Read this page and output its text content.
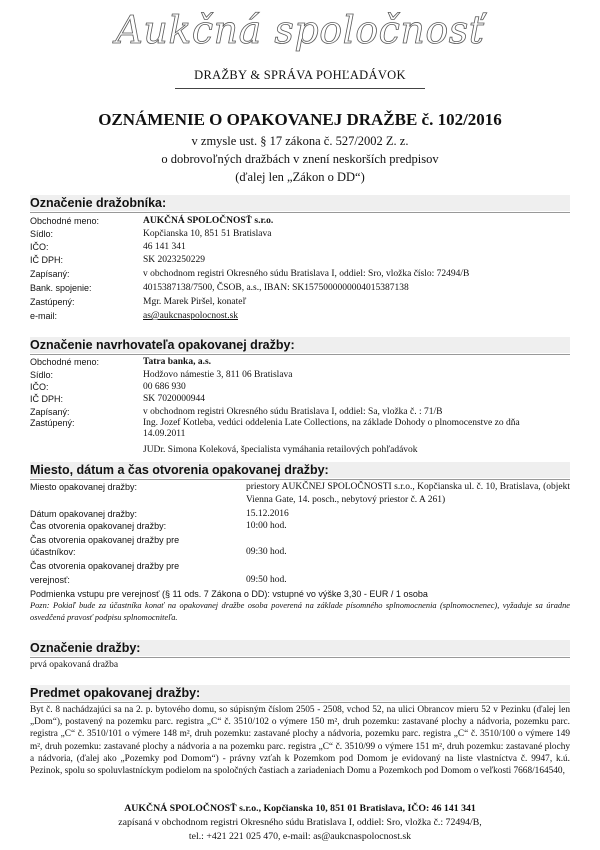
Aukčná spoločnosť
DRAŽBY & SPRÁVA POHĽADÁVOK
OZNÁMENIE O OPAKOVANEJ DRAŽBE č. 102/2016
v zmysle ust. § 17 zákona č. 527/2002 Z. z.
o dobrovoľných dražbách v znení neskorších predpisov
(ďalej len „Zákon o DD“)
Označenie dražobníka:
Obchodné meno:	AUKČNÁ SPOLOČNOSŤ s.r.o.
Sídlo:	Kopčianska 10, 851 51 Bratislava
IČO:	46 141 341
IČ DPH:	SK 2023250229
Zapísaný:	v obchodnom registri Okresného súdu Bratislava I, oddiel: Sro, vložka číslo: 72494/B
Bank. spojenie:	4015387138/7500, ČSOB, a.s., IBAN: SK1575000000004015387138
Zastúpený:	Mgr. Marek Piršel, konateľ
e-mail:	as@aukcnaspolocnost.sk
Označenie navrhovateľa opakovanej dražby:
Obchodné meno:	Tatra banka, a.s.
Sídlo:	Hodžovo námestie 3, 811 06 Bratislava
IČO:	00 686 930
IČ DPH:	SK 7020000944
Zapísaný:	v obchodnom registri Okresného súdu Bratislava I, oddiel: Sa, vložka č. : 71/B
Zastúpený:	Ing. Jozef Kotleba, vedúci oddelenia Late Collections, na základe Dohody o plnomocenstve zo dňa 14.09.2011
JUDr. Simona Koleková, špecialista vymáhania retailových pohľadávok
Miesto, dátum a čas otvorenia opakovanej dražby:
Miesto opakovanej dražby:	priestory AUKČNEJ SPOLOČNOSTI s.r.o., Kopčianska ul. č. 10, Bratislava, (objekt Vienna Gate, 14. posch., nebytový priestor č. A 261)
Dátum opakovanej dražby:	15.12.2016
Čas otvorenia opakovanej dražby:	10:00 hod.
Čas otvorenia opakovanej dražby pre
účastníkov:	09:30 hod.
Čas otvorenia opakovanej dražby pre
verejnosť:	09:50 hod.
Podmienka vstupu pre verejnosť (§ 11 ods. 7 Zákona o DD): vstupné vo výške 3,30 - EUR / 1 osoba
Pozn: Pokiaľ bude za účastníka konať na opakovanej dražbe osoba poverená na základe písomného splnomocnenia (splnomocnenec), vyžaduje sa úradne osvedčená pravosť podpisu splnomocniteľa.
Označenie dražby:
prvá opakovaná dražba
Predmet opakovanej dražby:
Byt č. 8 nachádzajúci sa na 2. p. bytového domu, so súpisným číslom 2505 - 2508, vchod 52, na ulici Obrancov mieru 52 v Pezinku (ďalej len „Dom“), postavený na pozemku parc. registra „C“ č. 3510/102 o výmere 150 m², druh pozemku: zastavané plochy a nádvoria, pozemku parc. registra „C“ č. 3510/101 o výmere 148 m², druh pozemku: zastavané plochy a nádvoria, pozemku parc. registra „C“ č. 3510/100 o výmere 149 m², druh pozemku: zastavané plochy a nádvoria a na pozemku parc. registra „C“ č. 3510/99 o výmere 151 m², druh pozemku: zastavané plochy a nádvoria, (ďalej ako „Pozemky pod Domom“) - právny vzťah k Pozemkom pod Domom je evidovaný na liste vlastníctva č. 9947, k.ú. Pezinok, spolu so spoluvlastníckym podielom na spoločných častiach a zariadeniach Domu a Pozemkoch pod Domom o veľkosti 7668/164540,
AUKČNÁ SPOLOČNOSŤ s.r.o., Kopčianska 10, 851 01 Bratislava, IČO: 46 141 341
zapísaná v obchodnom registri Okresného súdu Bratislava I, oddiel: Sro, vložka č.: 72494/B,
tel.: +421 221 025 470, e-mail: as@aukcnaspolocnost.sk
